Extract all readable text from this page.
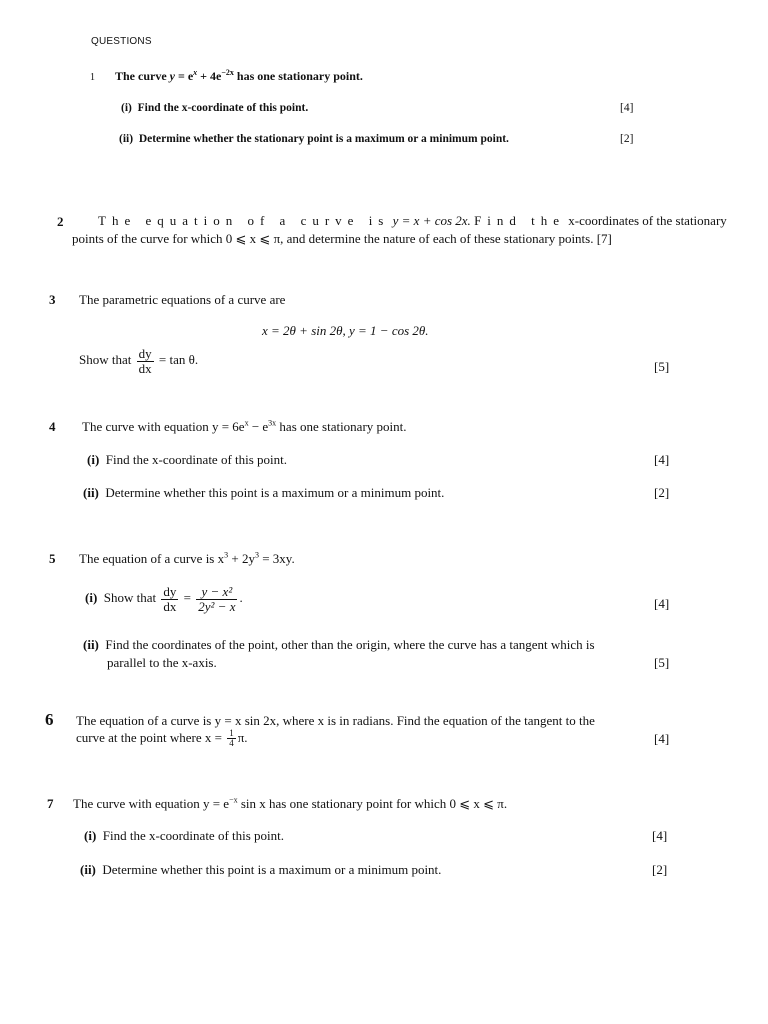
QUESTIONS
1 The curve $y = e^x + 4e^{-2x}$ has one stationary point.
(i) Find the x-coordinate of this point.	[4]
(ii) Determine whether the stationary point is a maximum or a minimum point.	[2]
2	The equation of a curve is y = x + cos 2x. Find the x-coordinates of the stationary
points of the curve for which 0 ⩽ x ⩽ π, and determine the nature of each of these stationary points. [7]
3 The parametric equations of a curve are
x = 2θ + sin 2θ, y = 1 − cos 2θ.
Show that $\frac{dy}{dx} = \tan \theta$.	[5]
4 The curve with equation $y = 6e^x - e^{3x}$ has one stationary point.
(i) Find the x-coordinate of this point.	[4]
(ii) Determine whether this point is a maximum or a minimum point.	[2]
5 The equation of a curve is $x^3 + 2y^3 = 3xy$.
(i) Show that $\frac{dy}{dx} = \frac{\text{y − x²}}{\text{2y² − x}}$ .	[4]
(ii) Find the coordinates of the point, other than the origin, where the curve has a tangent which is
parallel to the x-axis.	[5]
6 The equation of a curve is y = x sin 2x, where x is in radians. Find the equation of the tangent to the
curve at the point where $x = \frac{1}{4} \pi$.	[4]
7 The curve with equation $y = e^{-x}$ sin x has one stationary point for which 0 ⩽ x ⩽ π.
(i) Find the x-coordinate of this point.	[4]
(ii) Determine whether this point is a maximum or a minimum point.	[2]
